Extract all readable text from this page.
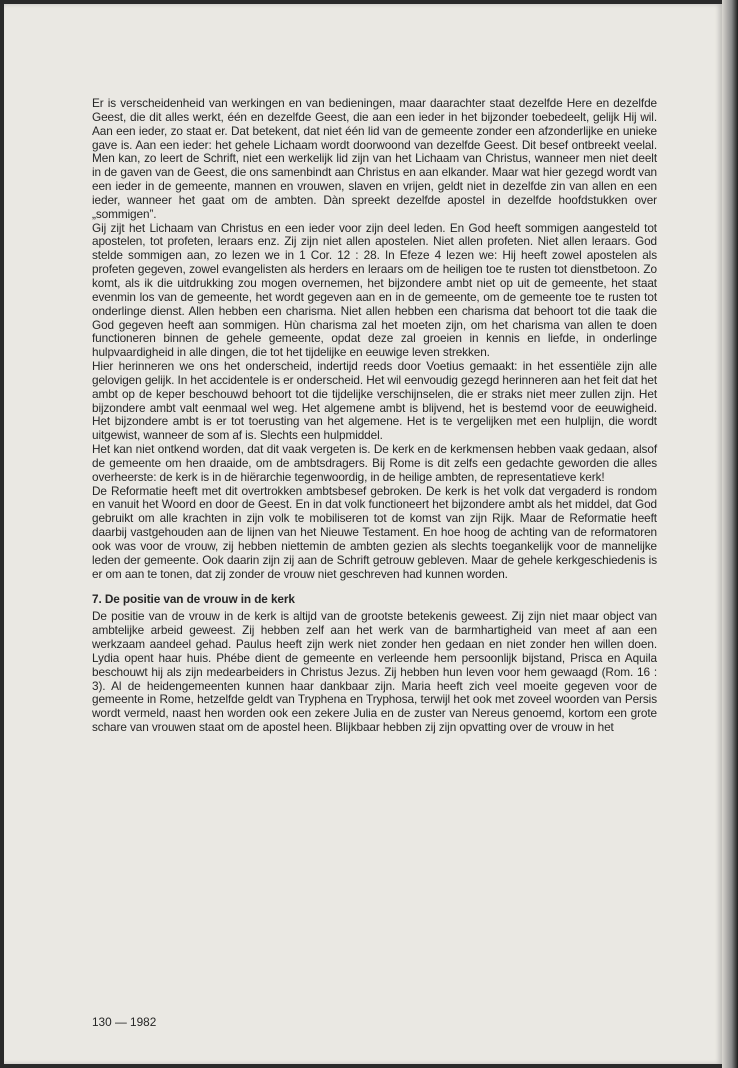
Er is verscheidenheid van werkingen en van bedieningen, maar daarachter staat dezelfde Here en dezelfde Geest, die dit alles werkt, één en dezelfde Geest, die aan een ieder in het bijzonder toebedeelt, gelijk Hij wil. Aan een ieder, zo staat er. Dat betekent, dat niet één lid van de gemeente zonder een afzonderlijke en unieke gave is. Aan een ieder: het gehele Lichaam wordt doorwoond van dezelfde Geest. Dit besef ontbreekt veelal. Men kan, zo leert de Schrift, niet een werkelijk lid zijn van het Lichaam van Christus, wanneer men niet deelt in de gaven van de Geest, die ons samenbindt aan Christus en aan elkander. Maar wat hier gezegd wordt van een ieder in de gemeente, mannen en vrouwen, slaven en vrijen, geldt niet in dezelfde zin van allen en een ieder, wanneer het gaat om de ambten. Dàn spreekt dezelfde apostel in dezelfde hoofdstukken over „sommigen”.

Gij zijt het Lichaam van Christus en een ieder voor zijn deel leden. En God heeft sommigen aangesteld tot apostelen, tot profeten, leraars enz. Zij zijn niet allen apostelen. Niet allen profeten. Niet allen leraars. God stelde sommigen aan, zo lezen we in 1 Cor. 12 : 28. In Efeze 4 lezen we: Hij heeft zowel apostelen als profeten gegeven, zowel evangelisten als herders en leraars om de heiligen toe te rusten tot dienstbetoon. Zo komt, als ik die uitdrukking zou mogen overnemen, het bijzondere ambt niet op uit de gemeente, het staat evenmin los van de gemeente, het wordt gegeven aan en in de gemeente, om de gemeente toe te rusten tot onderlinge dienst. Allen hebben een charisma. Niet allen hebben een charisma dat behoort tot die taak die God gegeven heeft aan sommigen. Hùn charisma zal het moeten zijn, om het charisma van allen te doen functioneren binnen de gehele gemeente, opdat deze zal groeien in kennis en liefde, in onderlinge hulpvaardigheid in alle dingen, die tot het tijdelijke en eeuwige leven strekken.

Hier herinneren we ons het onderscheid, indertijd reeds door Voetius gemaakt: in het essentiële zijn alle gelovigen gelijk. In het accidentele is er onderscheid. Het wil eenvoudig gezegd herinneren aan het feit dat het ambt op de keper beschouwd behoort tot die tijdelijke verschijnselen, die er straks niet meer zullen zijn. Het bijzondere ambt valt eenmaal wel weg. Het algemene ambt is blijvend, het is bestemd voor de eeuwigheid. Het bijzondere ambt is er tot toerusting van het algemene. Het is te vergelijken met een hulplijn, die wordt uitgewist, wanneer de som af is. Slechts een hulpmiddel.

Het kan niet ontkend worden, dat dit vaak vergeten is. De kerk en de kerkmensen hebben vaak gedaan, alsof de gemeente om hen draaide, om de ambtsdragers. Bij Rome is dit zelfs een gedachte geworden die alles overheerste: de kerk is in de hiërarchie tegenwoordig, in de heilige ambten, de representatieve kerk!

De Reformatie heeft met dit overtrokken ambtsbesef gebroken. De kerk is het volk dat vergaderd is rondom en vanuit het Woord en door de Geest. En in dat volk functioneert het bijzondere ambt als het middel, dat God gebruikt om alle krachten in zijn volk te mobiliseren tot de komst van zijn Rijk. Maar de Reformatie heeft daarbij vastgehouden aan de lijnen van het Nieuwe Testament. En hoe hoog de achting van de reformatoren ook was voor de vrouw, zij hebben niettemin de ambten gezien als slechts toegankelijk voor de mannelijke leden der gemeente. Ook daarin zijn zij aan de Schrift getrouw gebleven. Maar de gehele kerkgeschiedenis is er om aan te tonen, dat zij zonder de vrouw niet geschreven had kunnen worden.

7. De positie van de vrouw in de kerk

De positie van de vrouw in de kerk is altijd van de grootste betekenis geweest. Zij zijn niet maar object van ambtelijke arbeid geweest. Zij hebben zelf aan het werk van de barmhartigheid van meet af aan een werkzaam aandeel gehad. Paulus heeft zijn werk niet zonder hen gedaan en niet zonder hen willen doen. Lydia opent haar huis. Phébe dient de gemeente en verleende hem persoonlijk bijstand, Prisca en Aquila beschouwt hij als zijn medearbeiders in Christus Jezus. Zij hebben hun leven voor hem gewaagd (Rom. 16 : 3). Al de heidengemeenten kunnen haar dankbaar zijn. Maria heeft zich veel moeite gegeven voor de gemeente in Rome, hetzelfde geldt van Tryphena en Tryphosa, terwijl het ook met zoveel woorden van Persis wordt vermeld, naast hen worden ook een zekere Julia en de zuster van Nereus genoemd, kortom een grote schare van vrouwen staat om de apostel heen. Blijkbaar hebben zij zijn opvatting over de vrouw in het

130 — 1982
